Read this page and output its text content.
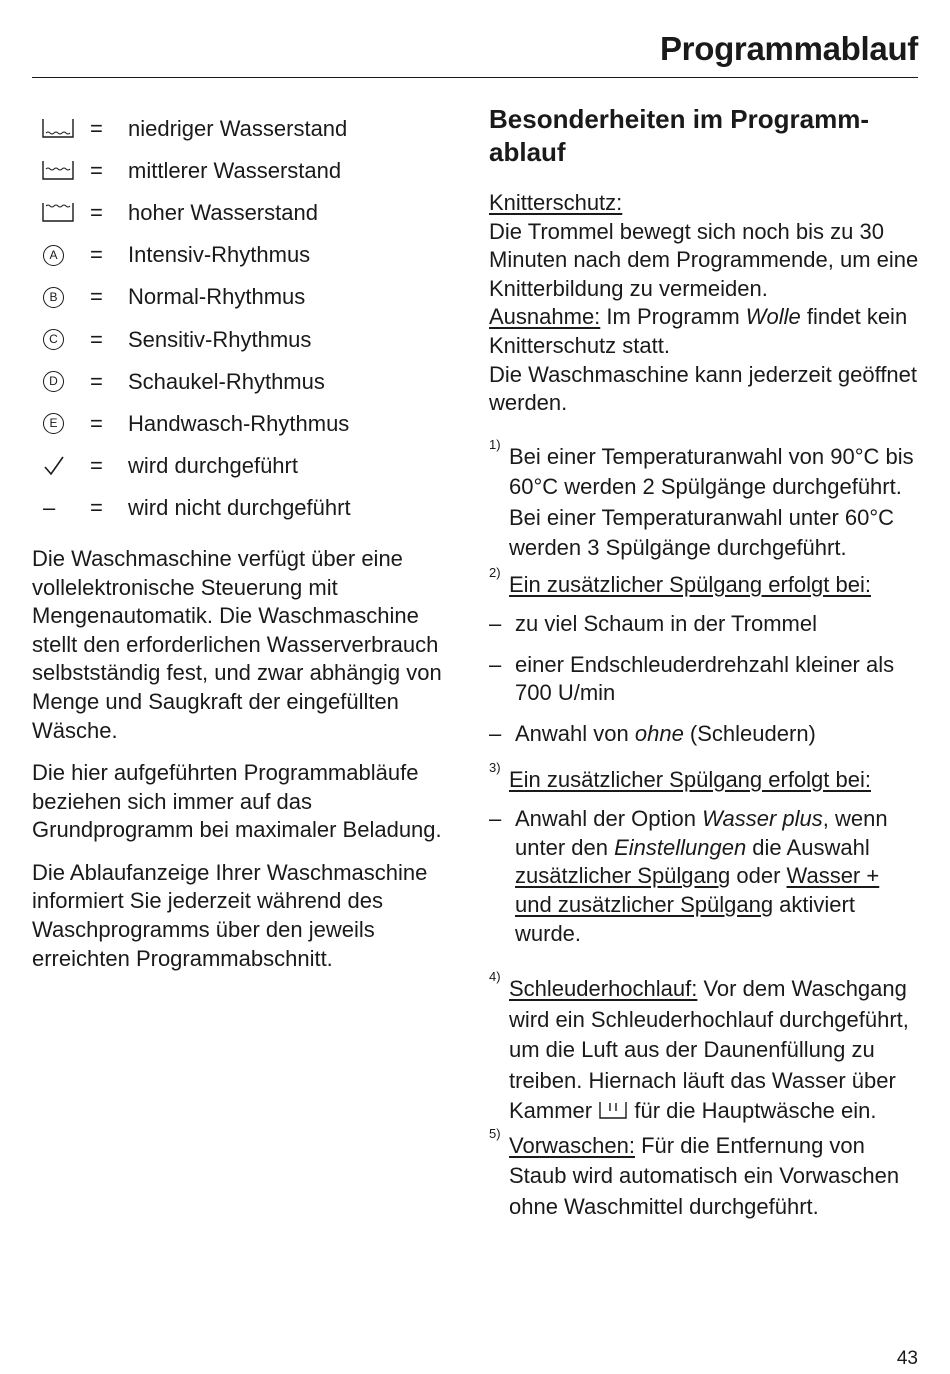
Programmablauf
=	niedriger Wasserstand
=	mittlerer Wasserstand
=	hoher Wasserstand
A =	Intensiv-Rhythmus
B =	Normal-Rhythmus
C =	Sensitiv-Rhythmus
D =	Schaukel-Rhythmus
E =	Handwasch-Rhythmus
=	wird durchgeführt
– =	wird nicht durchgeführt

Die Waschmaschine verfügt über eine vollelektronische Steuerung mit Mengenautomatik. Die Waschmaschine stellt den erforderlichen Wasserverbrauch selbstständig fest, und zwar abhängig von Menge und Saugkraft der eingefüllten Wäsche.

Die hier aufgeführten Programmabläufe beziehen sich immer auf das Grundprogramm bei maximaler Beladung.

Die Ablaufanzeige Ihrer Waschmaschine informiert Sie jederzeit während des Waschprogramms über den jeweils erreichten Programmabschnitt.

Besonderheiten im Programm-
ablauf

Knitterschutz:
Die Trommel bewegt sich noch bis zu 30 Minuten nach dem Programmende, um eine Knitterbildung zu vermeiden.
Ausnahme: Im Programm Wolle findet kein Knitterschutz statt.
Die Waschmaschine kann jederzeit geöffnet werden.

1) Bei einer Temperaturanwahl von 90°C bis 60°C werden 2 Spülgänge durchgeführt. Bei einer Temperaturanwahl unter 60°C werden 3 Spülgänge durchgeführt.
2) Ein zusätzlicher Spülgang erfolgt bei:
– zu viel Schaum in der Trommel
– einer Endschleuderdrehzahl kleiner als 700 U/min
– Anwahl von ohne (Schleudern)
3) Ein zusätzlicher Spülgang erfolgt bei:
– Anwahl der Option Wasser plus, wenn unter den Einstellungen die Auswahl zusätzlicher Spülgang oder Wasser + und zusätzlicher Spülgang aktiviert wurde.
4) Schleuderhochlauf: Vor dem Waschgang wird ein Schleuderhochlauf durchgeführt, um die Luft aus der Daunenfüllung zu treiben. Hiernach läuft das Wasser über Kammer  für die Hauptwäsche ein.
5) Vorwaschen: Für die Entfernung von Staub wird automatisch ein Vorwaschen ohne Waschmittel durchgeführt.
43
